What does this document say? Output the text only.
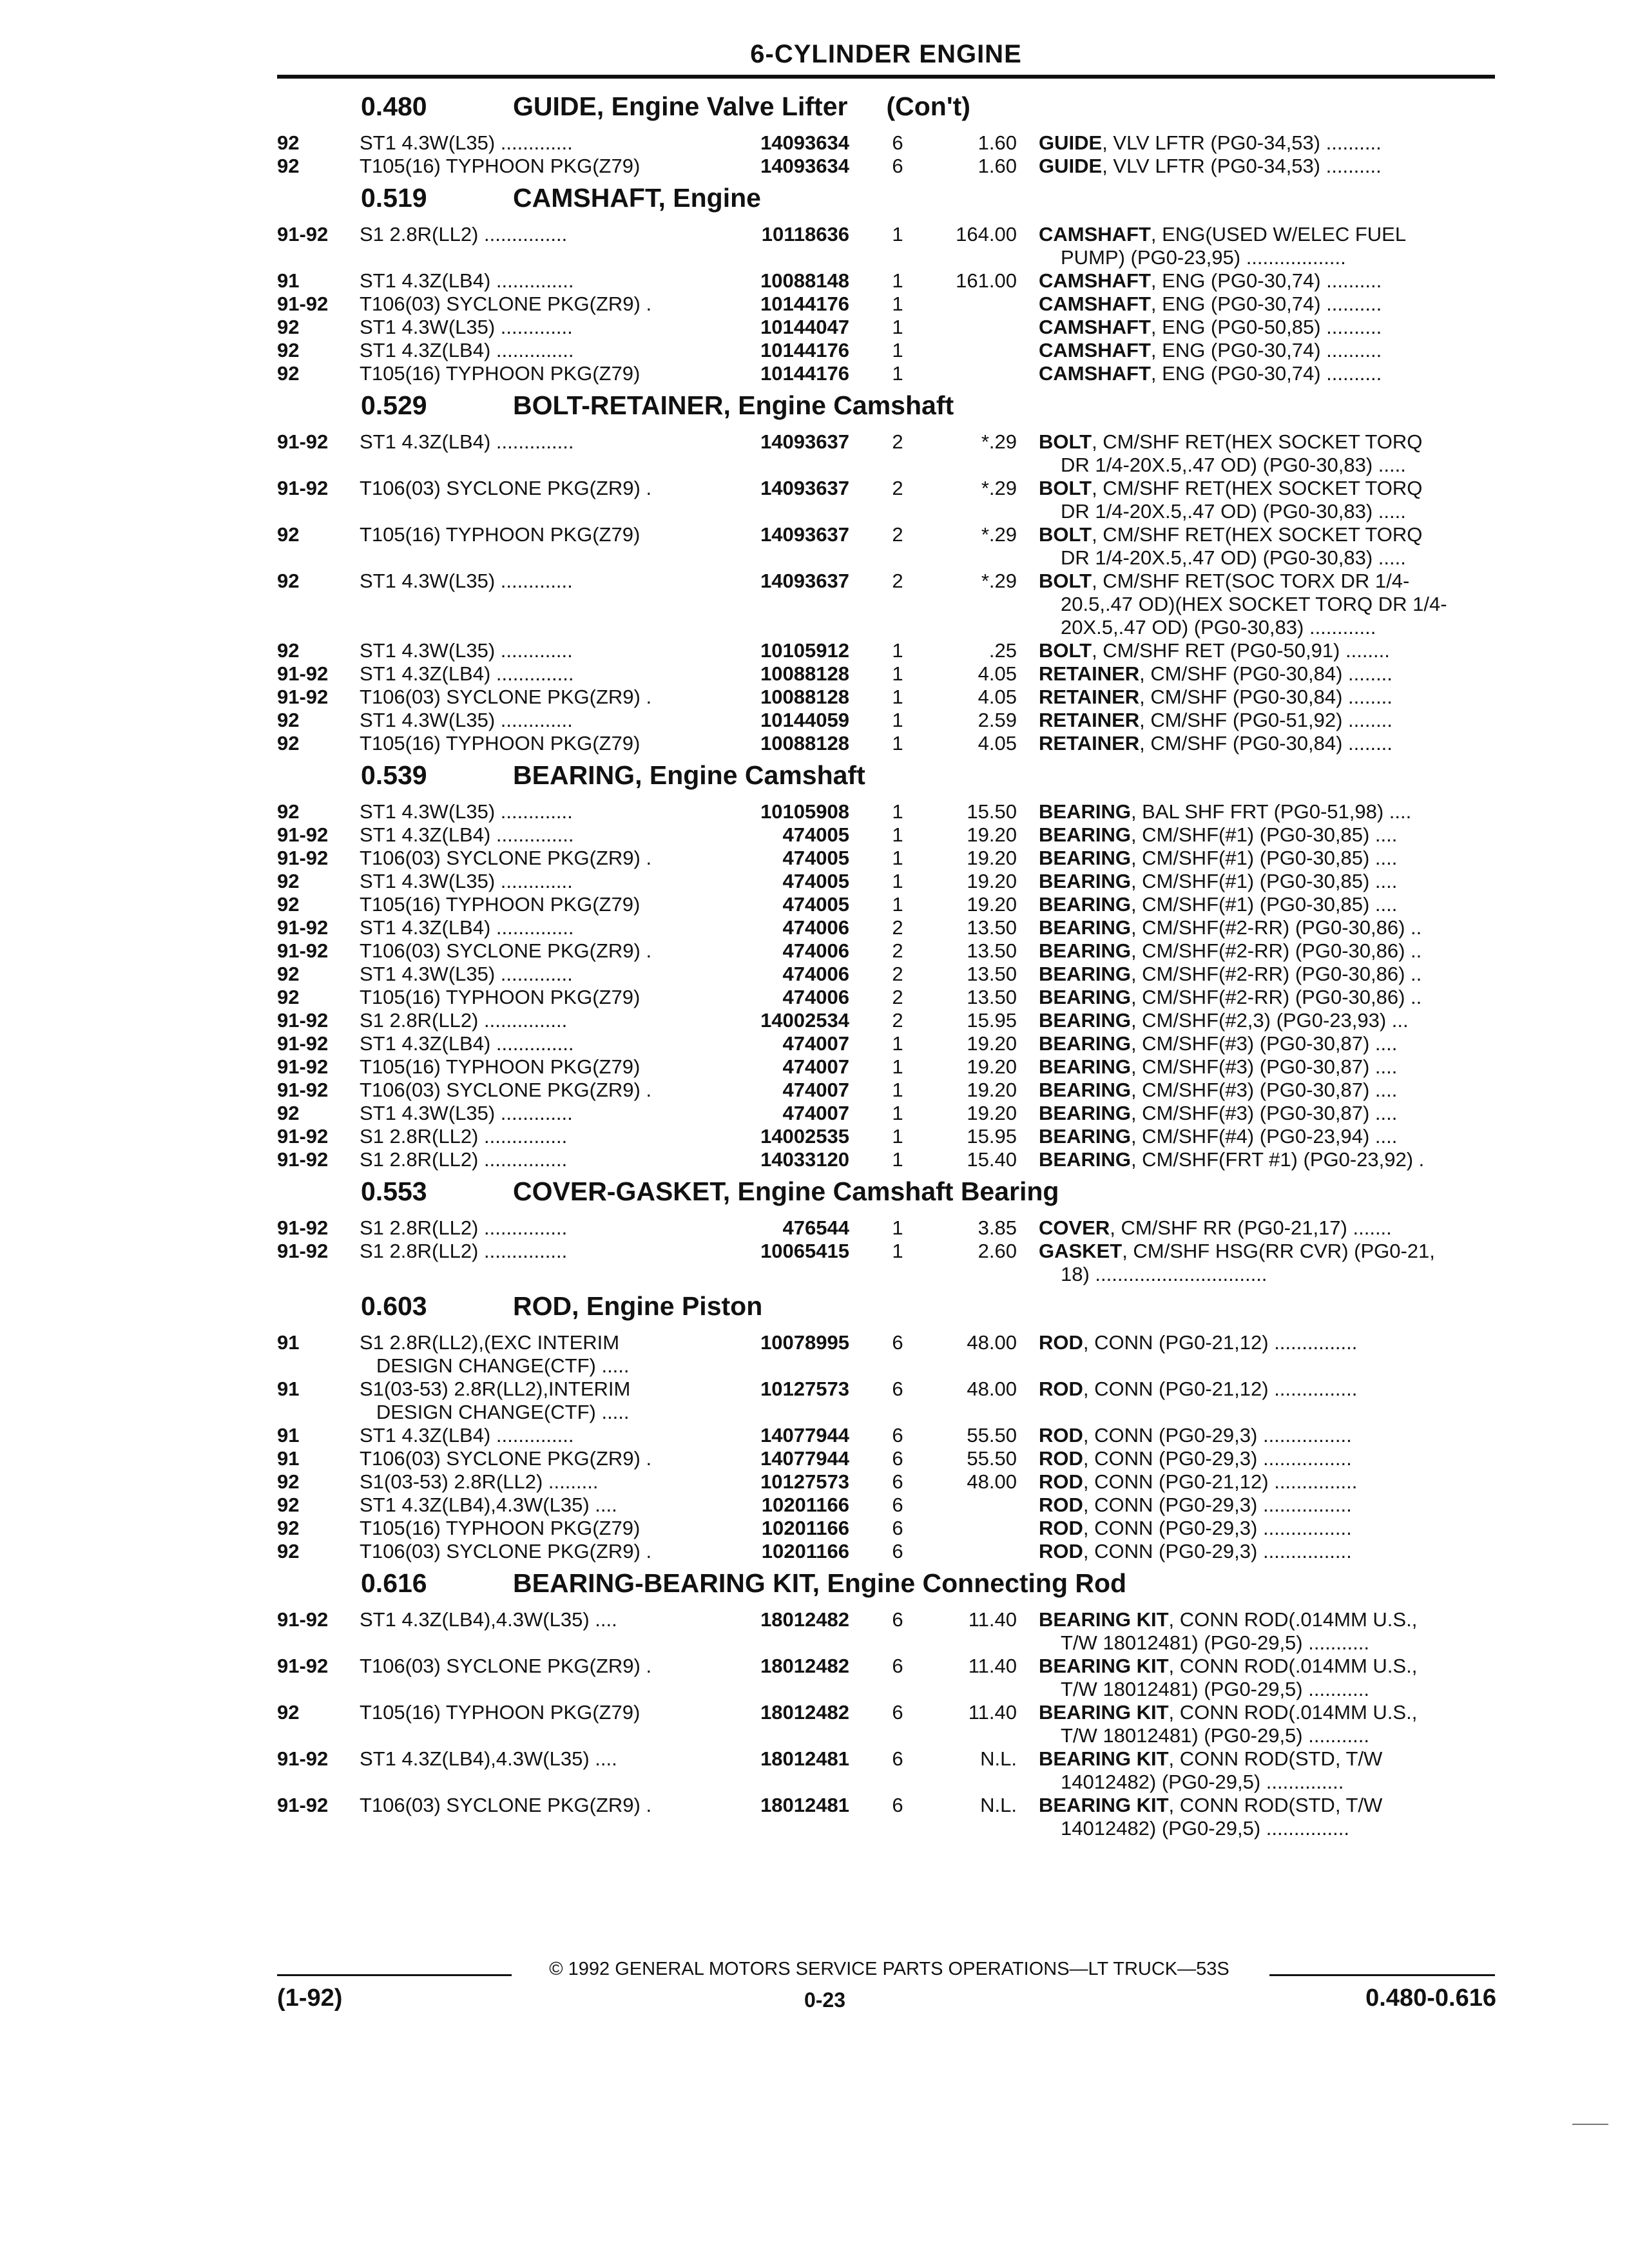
6-CYLINDER ENGINE
0.480	GUIDE, Engine Valve Lifter (Con't)
92	ST1 4.3W(L35) .............	14093634	6	1.60	GUIDE, VLV LFTR (PG0-34,53) ..........
92	T105(16) TYPHOON PKG(Z79)	14093634	6	1.60	GUIDE, VLV LFTR (PG0-34,53) ..........
0.519	CAMSHAFT, Engine
91-92	S1 2.8R(LL2) ...............	10118636	1	164.00	CAMSHAFT, ENG(USED W/ELEC FUEL
PUMP) (PG0-23,95) ..................
91	ST1 4.3Z(LB4) ..............	10088148	1	161.00	CAMSHAFT, ENG (PG0-30,74) ..........
91-92	T106(03) SYCLONE PKG(ZR9) .	10144176	1	CAMSHAFT, ENG (PG0-30,74) ..........
92	ST1 4.3W(L35) .............	10144047	1	CAMSHAFT, ENG (PG0-50,85) ..........
92	ST1 4.3Z(LB4) ..............	10144176	1	CAMSHAFT, ENG (PG0-30,74) ..........
92	T105(16) TYPHOON PKG(Z79)	10144176	1	CAMSHAFT, ENG (PG0-30,74) ..........
0.529	BOLT-RETAINER, Engine Camshaft
91-92	ST1 4.3Z(LB4) ..............	14093637	2	*.29	BOLT, CM/SHF RET(HEX SOCKET TORQ
DR 1/4-20X.5,.47 OD) (PG0-30,83) .....
91-92	T106(03) SYCLONE PKG(ZR9) .	14093637	2	*.29	BOLT, CM/SHF RET(HEX SOCKET TORQ
DR 1/4-20X.5,.47 OD) (PG0-30,83) .....
92	T105(16) TYPHOON PKG(Z79)	14093637	2	*.29	BOLT, CM/SHF RET(HEX SOCKET TORQ
DR 1/4-20X.5,.47 OD) (PG0-30,83) .....
92	ST1 4.3W(L35) .............	14093637	2	*.29	BOLT, CM/SHF RET(SOC TORX DR 1/4-
20.5,.47 OD)(HEX SOCKET TORQ DR 1/4-
20X.5,.47 OD) (PG0-30,83) ............
92	ST1 4.3W(L35) .............	10105912	1	.25	BOLT, CM/SHF RET (PG0-50,91) ........
91-92	ST1 4.3Z(LB4) ..............	10088128	1	4.05	RETAINER, CM/SHF (PG0-30,84) ........
91-92	T106(03) SYCLONE PKG(ZR9) .	10088128	1	4.05	RETAINER, CM/SHF (PG0-30,84) ........
92	ST1 4.3W(L35) .............	10144059	1	2.59	RETAINER, CM/SHF (PG0-51,92) ........
92	T105(16) TYPHOON PKG(Z79)	10088128	1	4.05	RETAINER, CM/SHF (PG0-30,84) ........
0.539	BEARING, Engine Camshaft
92	ST1 4.3W(L35) .............	10105908	1	15.50	BEARING, BAL SHF FRT (PG0-51,98) ....
91-92	ST1 4.3Z(LB4) ..............	474005	1	19.20	BEARING, CM/SHF(#1) (PG0-30,85) ....
91-92	T106(03) SYCLONE PKG(ZR9) .	474005	1	19.20	BEARING, CM/SHF(#1) (PG0-30,85) ....
92	ST1 4.3W(L35) .............	474005	1	19.20	BEARING, CM/SHF(#1) (PG0-30,85) ....
92	T105(16) TYPHOON PKG(Z79)	474005	1	19.20	BEARING, CM/SHF(#1) (PG0-30,85) ....
91-92	ST1 4.3Z(LB4) ..............	474006	2	13.50	BEARING, CM/SHF(#2-RR) (PG0-30,86) ..
91-92	T106(03) SYCLONE PKG(ZR9) .	474006	2	13.50	BEARING, CM/SHF(#2-RR) (PG0-30,86) ..
92	ST1 4.3W(L35) .............	474006	2	13.50	BEARING, CM/SHF(#2-RR) (PG0-30,86) ..
92	T105(16) TYPHOON PKG(Z79)	474006	2	13.50	BEARING, CM/SHF(#2-RR) (PG0-30,86) ..
91-92	S1 2.8R(LL2) ...............	14002534	2	15.95	BEARING, CM/SHF(#2,3) (PG0-23,93) ...
91-92	ST1 4.3Z(LB4) ..............	474007	1	19.20	BEARING, CM/SHF(#3) (PG0-30,87) ....
91-92	T105(16) TYPHOON PKG(Z79)	474007	1	19.20	BEARING, CM/SHF(#3) (PG0-30,87) ....
91-92	T106(03) SYCLONE PKG(ZR9) .	474007	1	19.20	BEARING, CM/SHF(#3) (PG0-30,87) ....
92	ST1 4.3W(L35) .............	474007	1	19.20	BEARING, CM/SHF(#3) (PG0-30,87) ....
91-92	S1 2.8R(LL2) ...............	14002535	1	15.95	BEARING, CM/SHF(#4) (PG0-23,94) ....
91-92	S1 2.8R(LL2) ...............	14033120	1	15.40	BEARING, CM/SHF(FRT #1) (PG0-23,92) .
0.553	COVER-GASKET, Engine Camshaft Bearing
91-92	S1 2.8R(LL2) ...............	476544	1	3.85	COVER, CM/SHF RR (PG0-21,17) .......
91-92	S1 2.8R(LL2) ...............	10065415	1	2.60	GASKET, CM/SHF HSG(RR CVR) (PG0-21,
18) ...............................
0.603	ROD, Engine Piston
91	S1 2.8R(LL2),(EXC INTERIM
DESIGN CHANGE(CTF) .....
10078995	6	48.00	ROD, CONN (PG0-21,12) ...............
91	S1(03-53) 2.8R(LL2),INTERIM
DESIGN CHANGE(CTF) .....
10127573	6	48.00	ROD, CONN (PG0-21,12) ...............
91	ST1 4.3Z(LB4) ..............	14077944	6	55.50	ROD, CONN (PG0-29,3) ................
91	T106(03) SYCLONE PKG(ZR9) .	14077944	6	55.50	ROD, CONN (PG0-29,3) ................
92	S1(03-53) 2.8R(LL2) .........	10127573	6	48.00	ROD, CONN (PG0-21,12) ...............
92	ST1 4.3Z(LB4),4.3W(L35) ....	10201166	6	ROD, CONN (PG0-29,3) ................
92	T105(16) TYPHOON PKG(Z79)	10201166	6	ROD, CONN (PG0-29,3) ................
92	T106(03) SYCLONE PKG(ZR9) .	10201166	6	ROD, CONN (PG0-29,3) ................
0.616	BEARING-BEARING KIT, Engine Connecting Rod
91-92	ST1 4.3Z(LB4),4.3W(L35) ....	18012482	6	11.40	BEARING KIT, CONN ROD(.014MM U.S.,
T/W 18012481) (PG0-29,5) ...........
91-92	T106(03) SYCLONE PKG(ZR9) .	18012482	6	11.40	BEARING KIT, CONN ROD(.014MM U.S.,
T/W 18012481) (PG0-29,5) ...........
92	T105(16) TYPHOON PKG(Z79)	18012482	6	11.40	BEARING KIT, CONN ROD(.014MM U.S.,
T/W 18012481) (PG0-29,5) ...........
91-92	ST1 4.3Z(LB4),4.3W(L35) ....	18012481	6	N.L.	BEARING KIT, CONN ROD(STD, T/W
14012482) (PG0-29,5) ..............
91-92	T106(03) SYCLONE PKG(ZR9) .	18012481	6	N.L.	BEARING KIT, CONN ROD(STD, T/W
14012482) (PG0-29,5) ...............
© 1992 GENERAL MOTORS SERVICE PARTS OPERATIONS—LT TRUCK—53S
(1-92)	0-23	0.480-0.616
